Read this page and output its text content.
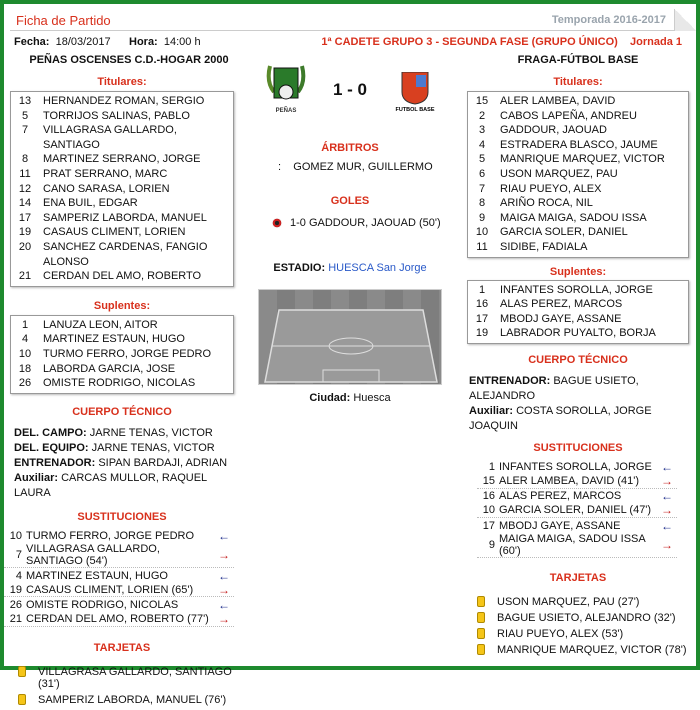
Ficha de Partido	Temporada 2016-2017
Fecha: 18/03/2017 Hora: 14:00 h	1ª CADETE GRUPO 3 - SEGUNDA FASE (GRUPO ÚNICO) Jornada 1
PEÑAS OSCENSES C.D.-HOGAR 2000	FRAGA-FÚTBOL BASE
PEÑAS
1 - 0
FUTBOL BASE
ÁRBITROS
: GOMEZ MUR, GUILLERMO
GOLES
1-0 GADDOUR, JAOUAD (50')
ESTADIO: HUESCA San Jorge
Ciudad: Huesca
Titulares:
13	HERNANDEZ ROMAN, SERGIO
5	TORRIJOS SALINAS, PABLO
7	VILLAGRASA GALLARDO, SANTIAGO
8	MARTINEZ SERRANO, JORGE
11	PRAT SERRANO, MARC
12	CANO SARASA, LORIEN
14	ENA BUIL, EDGAR
17	SAMPERIZ LABORDA, MANUEL
19	CASAUS CLIMENT, LORIEN
20	SANCHEZ CARDENAS, FANGIO ALONSO
21	CERDAN DEL AMO, ROBERTO
Suplentes:
1	LANUZA LEON, AITOR
4	MARTINEZ ESTAUN, HUGO
10	TURMO FERRO, JORGE PEDRO
18	LABORDA GARCIA, JOSE
26	OMISTE RODRIGO, NICOLAS
CUERPO TÉCNICO
DEL. CAMPO: JARNE TENAS, VICTOR
DEL. EQUIPO: JARNE TENAS, VICTOR
ENTRENADOR: SIPAN BARDAJI, ADRIAN
Auxiliar: CARCAS MULLOR, RAQUEL LAURA
SUSTITUCIONES
10 TURMO FERRO, JORGE PEDRO	←
7 VILLAGRASA GALLARDO, SANTIAGO (54')	→
4 MARTINEZ ESTAUN, HUGO	←
19 CASAUS CLIMENT, LORIEN (65')	→
26 OMISTE RODRIGO, NICOLAS	←
21 CERDAN DEL AMO, ROBERTO (77') →
TARJETAS
VILLAGRASA GALLARDO, SANTIAGO (31')
SAMPERIZ LABORDA, MANUEL (76')
Titulares:
15	ALER LAMBEA, DAVID
2	CABOS LAPEÑA, ANDREU
3	GADDOUR, JAOUAD
4	ESTRADERA BLASCO, JAUME
5	MANRIQUE MARQUEZ, VICTOR
6	USON MARQUEZ, PAU
7	RIAU PUEYO, ALEX
8	ARIÑO ROCA, NIL
9	MAIGA MAIGA, SADOU ISSA
10	GARCIA SOLER, DANIEL
11	SIDIBE, FADIALA
Suplentes:
1	INFANTES SOROLLA, JORGE
16	ALAS PEREZ, MARCOS
17	MBODJ GAYE, ASSANE
19	LABRADOR PUYALTO, BORJA
CUERPO TÉCNICO
ENTRENADOR: BAGUE USIETO, ALEJANDRO
Auxiliar: COSTA SOROLLA, JORGE JOAQUIN
SUSTITUCIONES
1 INFANTES SOROLLA, JORGE ←
15 ALER LAMBEA, DAVID (41')	→
16 ALAS PEREZ, MARCOS	←
10 GARCIA SOLER, DANIEL (47') →
17 MBODJ GAYE, ASSANE	←
9 MAIGA MAIGA, SADOU ISSA (60')	→
TARJETAS
USON MARQUEZ, PAU (27')
BAGUE USIETO, ALEJANDRO (32')
RIAU PUEYO, ALEX (53')
MANRIQUE MARQUEZ, VICTOR (78')
